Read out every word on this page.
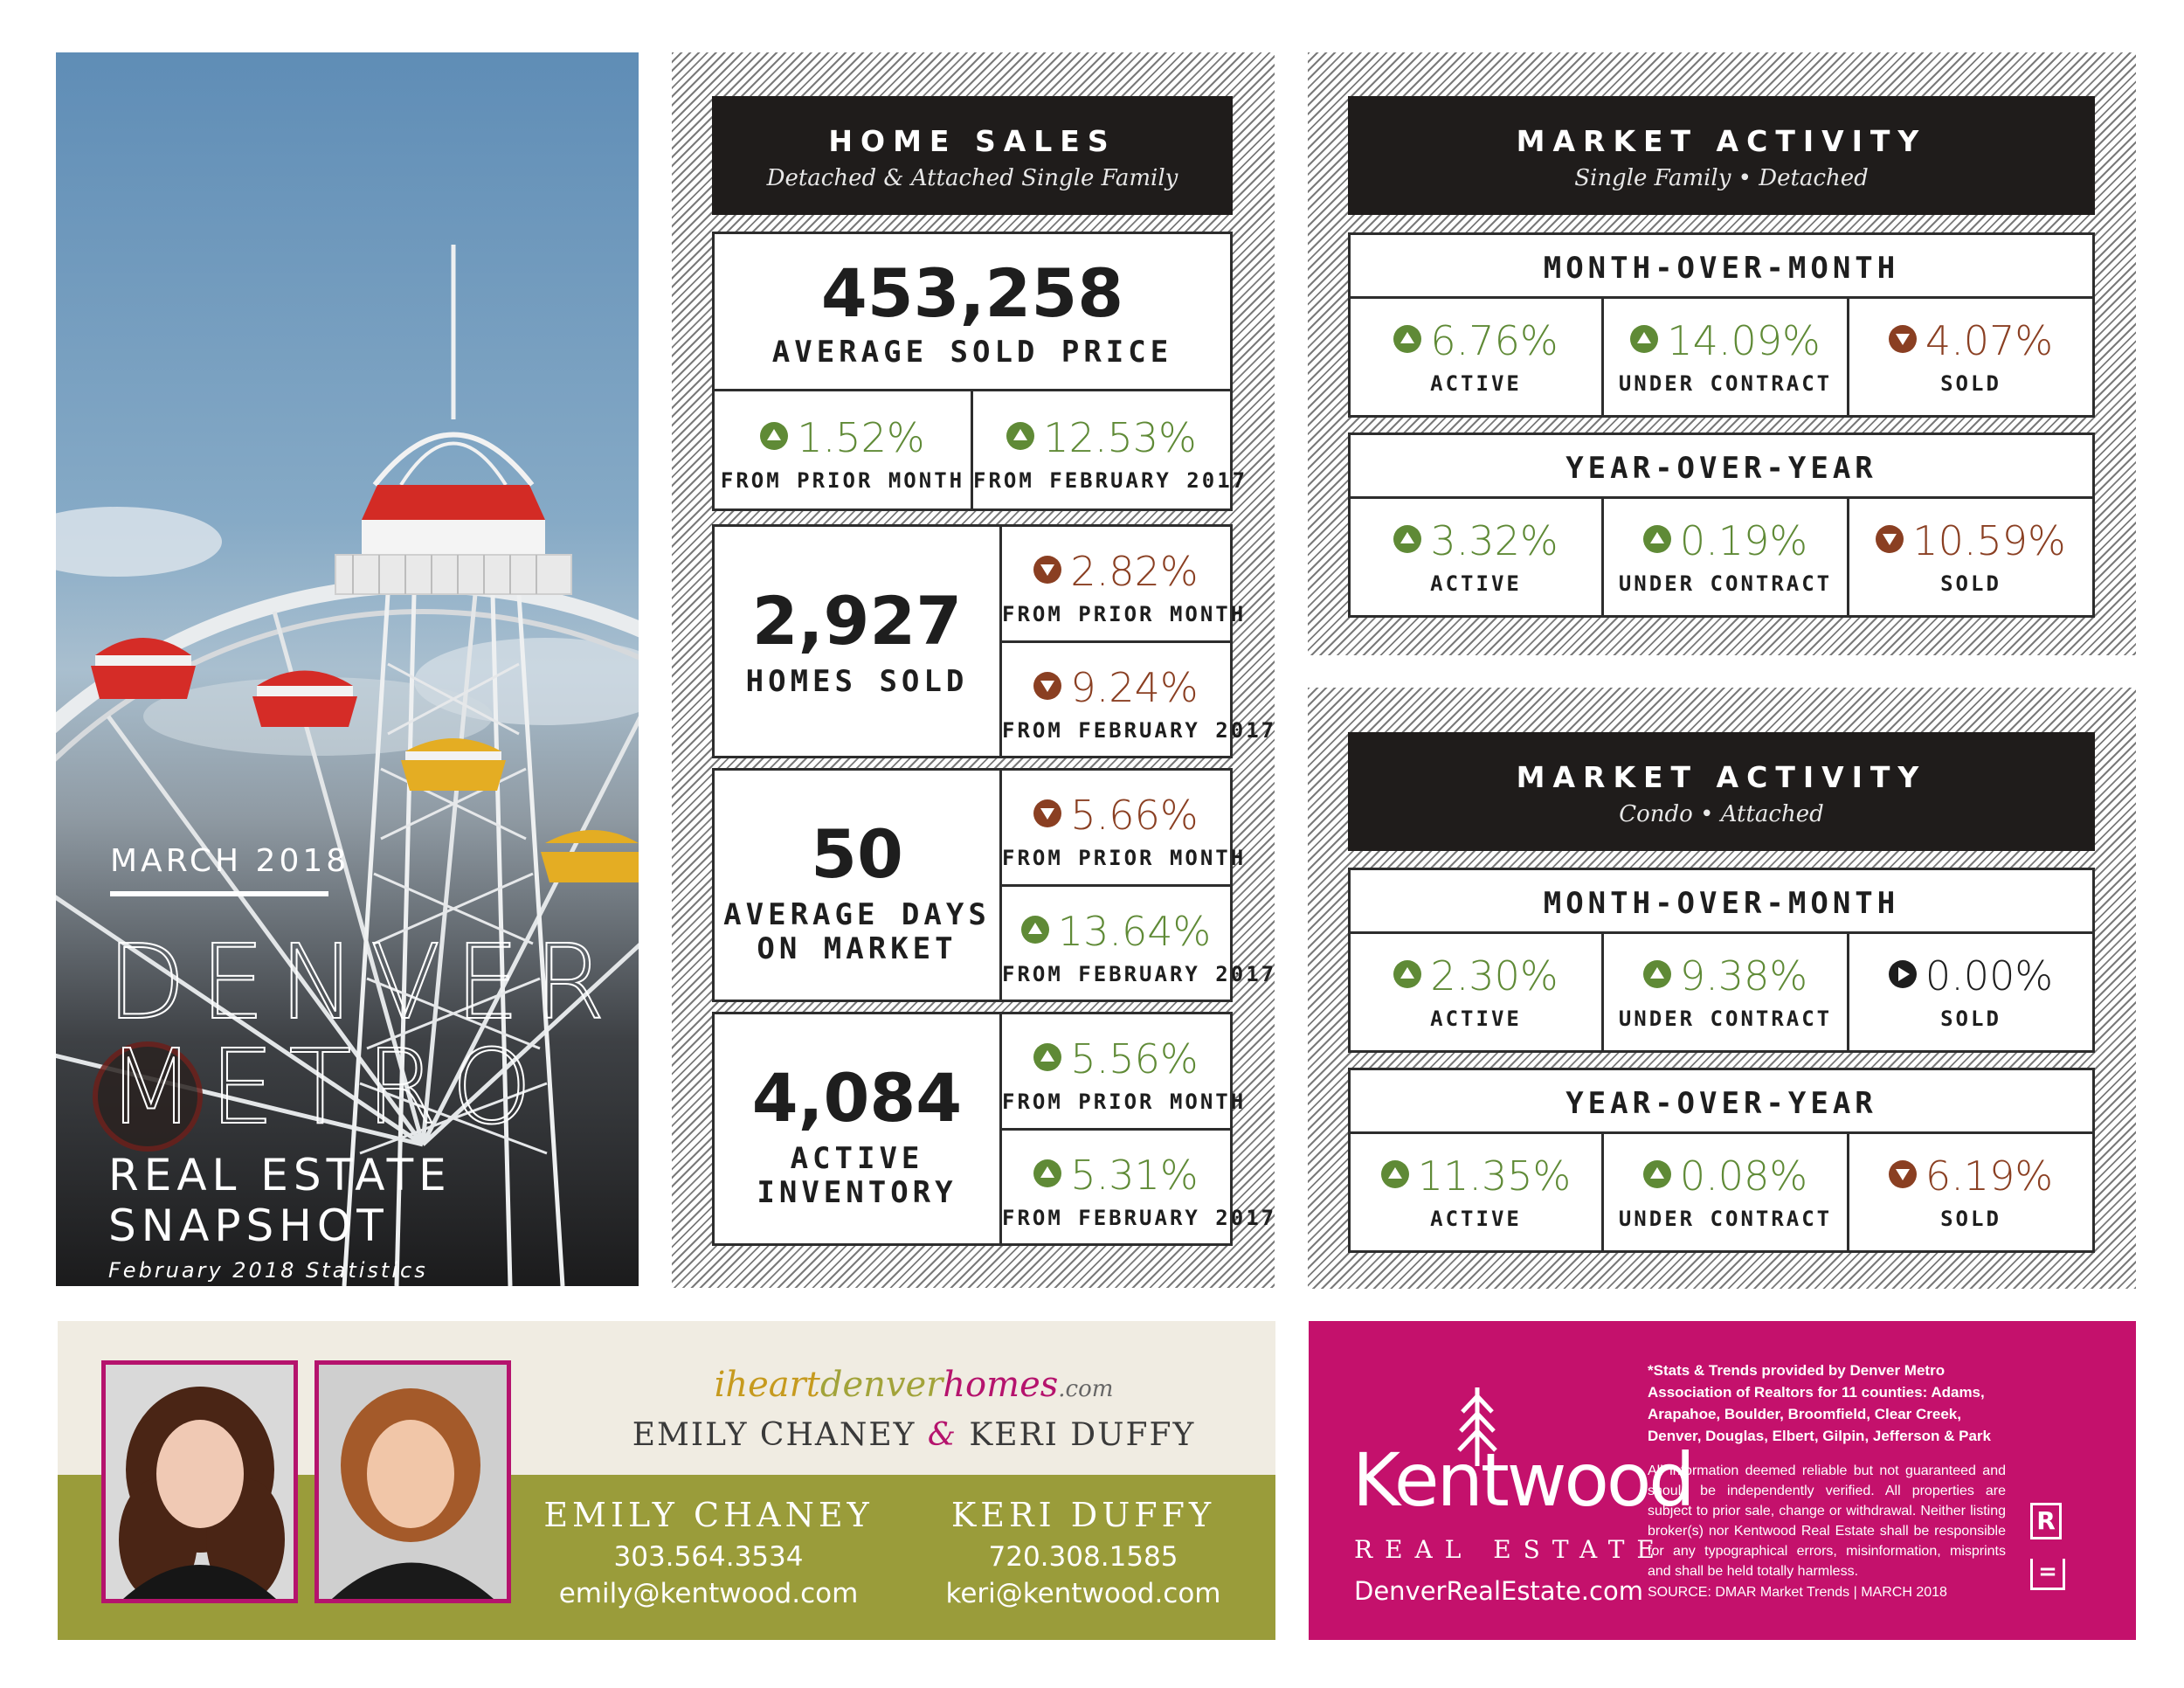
MARCH 2018
DENVER
METRO
REAL ESTATE
SNAPSHOT
February 2018 Statistics
HOME SALES
Detached & Attached Single Family
453,258
AVERAGE SOLD PRICE
1.52%
FROM PRIOR MONTH
12.53%
FROM FEBRUARY 2017
2,927
HOMES SOLD
2.82%
FROM PRIOR MONTH
9.24%
FROM FEBRUARY 2017
50
AVERAGE DAYS
ON MARKET
5.66%
FROM PRIOR MONTH
13.64%
FROM FEBRUARY 2017
4,084
ACTIVE
INVENTORY
5.56%
FROM PRIOR MONTH
5.31%
FROM FEBRUARY 2017
MARKET ACTIVITY
Single Family • Detached
MONTH-OVER-MONTH
6.76%
ACTIVE
14.09%
UNDER CONTRACT
4.07%
SOLD
YEAR-OVER-YEAR
3.32%
ACTIVE
0.19%
UNDER CONTRACT
10.59%
SOLD
MARKET ACTIVITY
Condo • Attached
MONTH-OVER-MONTH
2.30%
ACTIVE
9.38%
UNDER CONTRACT
0.00%
SOLD
YEAR-OVER-YEAR
11.35%
ACTIVE
0.08%
UNDER CONTRACT
6.19%
SOLD
iheartdenverhomes.com
EMILY CHANEY & KERI DUFFY
EMILY CHANEY
303.564.3534
emily@kentwood.com
KERI DUFFY
720.308.1585
keri@kentwood.com
Kentwood
REAL ESTATE
DenverRealEstate.com
*Stats & Trends provided by Denver Metro Association of Realtors for 11 counties: Adams, Arapahoe, Boulder, Broomfield, Clear Creek, Denver, Douglas, Elbert, Gilpin, Jefferson & Park
All information deemed reliable but not guaranteed and should be independently verified. All properties are subject to prior sale, change or withdrawal. Neither listing broker(s) nor Kentwood Real Estate shall be responsible for any typographical errors, misinformation, misprints and shall be held totally harmless.
SOURCE: DMAR Market Trends | MARCH 2018
R
=
